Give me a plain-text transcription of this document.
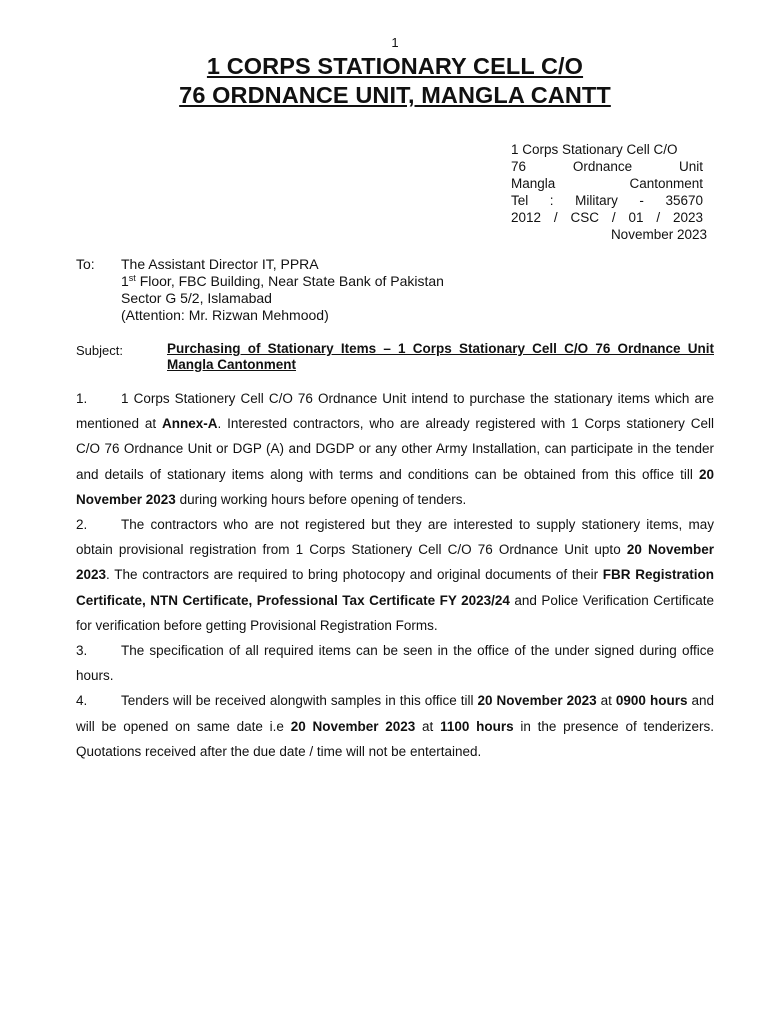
1
1 CORPS STATIONARY CELL C/O
76 ORDNANCE UNIT, MANGLA CANTT
1 Corps Stationary Cell C/O
76 Ordnance Unit
Mangla Cantonment
Tel : Military - 35670
2012 / CSC / 01 / 2023
November 2023
To: The Assistant Director IT, PPRA
1st Floor, FBC Building, Near State Bank of Pakistan
Sector G 5/2, Islamabad
(Attention: Mr. Rizwan Mehmood)
Subject:	Purchasing of Stationary Items – 1 Corps Stationary Cell C/O 76 Ordnance Unit Mangla Cantonment

1. 1 Corps Stationery Cell C/O 76 Ordnance Unit intend to purchase the stationary items which are mentioned at Annex-A. Interested contractors, who are already registered with 1 Corps stationery Cell C/O 76 Ordnance Unit or DGP (A) and DGDP or any other Army Installation, can participate in the tender and details of stationary items along with terms and conditions can be obtained from this office till 20 November 2023 during working hours before opening of tenders.

2. The contractors who are not registered but they are interested to supply stationery items, may obtain provisional registration from 1 Corps Stationery Cell C/O 76 Ordnance Unit upto 20 November 2023. The contractors are required to bring photocopy and original documents of their FBR Registration Certificate, NTN Certificate, Professional Tax Certificate FY 2023/24 and Police Verification Certificate for verification before getting Provisional Registration Forms.

3. The specification of all required items can be seen in the office of the under signed during office hours.

4. Tenders will be received alongwith samples in this office till 20 November 2023 at 0900 hours and will be opened on same date i.e 20 November 2023 at 1100 hours in the presence of tenderizers. Quotations received after the due date / time will not be entertained.
